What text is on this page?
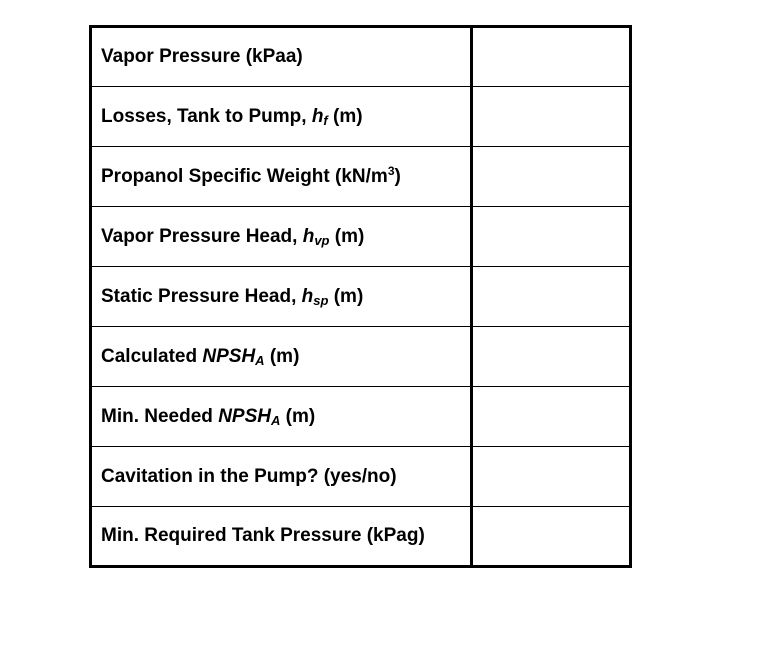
Vapor Pressure (kPaa)	
Losses, Tank to Pump, hf (m)	
Propanol Specific Weight $(kN/m^3)$	
Vapor Pressure Head, hvp (m)	
Static Pressure Head, hsp (m)	
Calculated NPSHA (m)	
Min. Needed NPSHA (m)	
Cavitation in the Pump? (yes/no)	
Min. Required Tank Pressure (kPag)	
